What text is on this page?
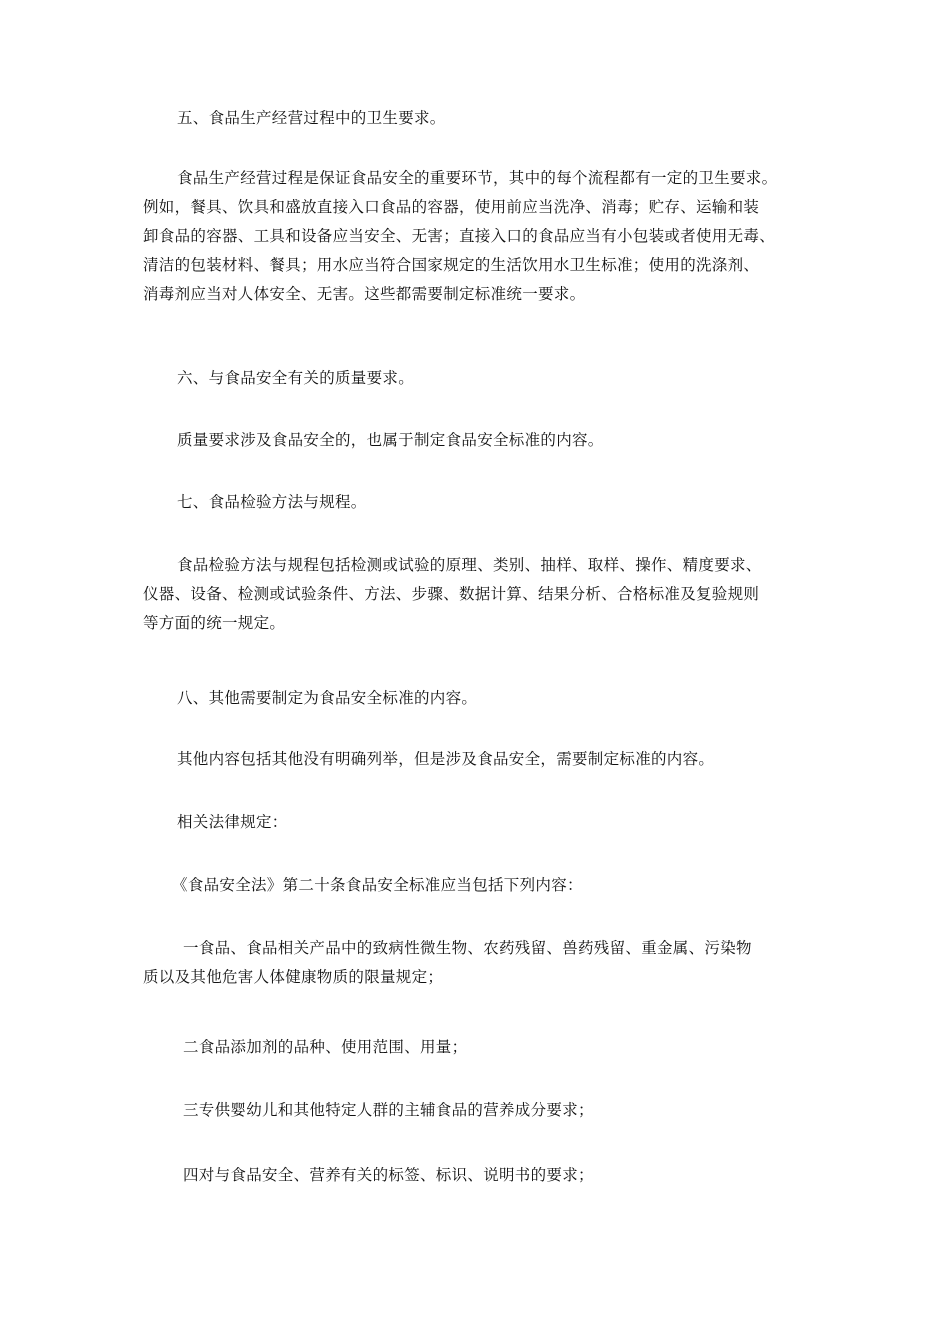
五、食品生产经营过程中的卫生要求。

食品生产经营过程是保证食品安全的重要环节，其中的每个流程都有一定的卫生要求。
例如，餐具、饮具和盛放直接入口食品的容器，使用前应当洗净、消毒；贮存、运输和装
卸食品的容器、工具和设备应当安全、无害；直接入口的食品应当有小包装或者使用无毒、
清洁的包装材料、餐具；用水应当符合国家规定的生活饮用水卫生标准；使用的洗涤剂、
消毒剂应当对人体安全、无害。这些都需要制定标准统一要求。

六、与食品安全有关的质量要求。

质量要求涉及食品安全的，也属于制定食品安全标准的内容。

七、食品检验方法与规程。

食品检验方法与规程包括检测或试验的原理、类别、抽样、取样、操作、精度要求、
仪器、设备、检测或试验条件、方法、步骤、数据计算、结果分析、合格标准及复验规则
等方面的统一规定。

八、其他需要制定为食品安全标准的内容。

其他内容包括其他没有明确列举，但是涉及食品安全，需要制定标准的内容。

相关法律规定：

《食品安全法》第二十条食品安全标准应当包括下列内容：

一食品、食品相关产品中的致病性微生物、农药残留、兽药残留、重金属、污染物
质以及其他危害人体健康物质的限量规定；

二食品添加剂的品种、使用范围、用量；

三专供婴幼儿和其他特定人群的主辅食品的营养成分要求；

四对与食品安全、营养有关的标签、标识、说明书的要求；
